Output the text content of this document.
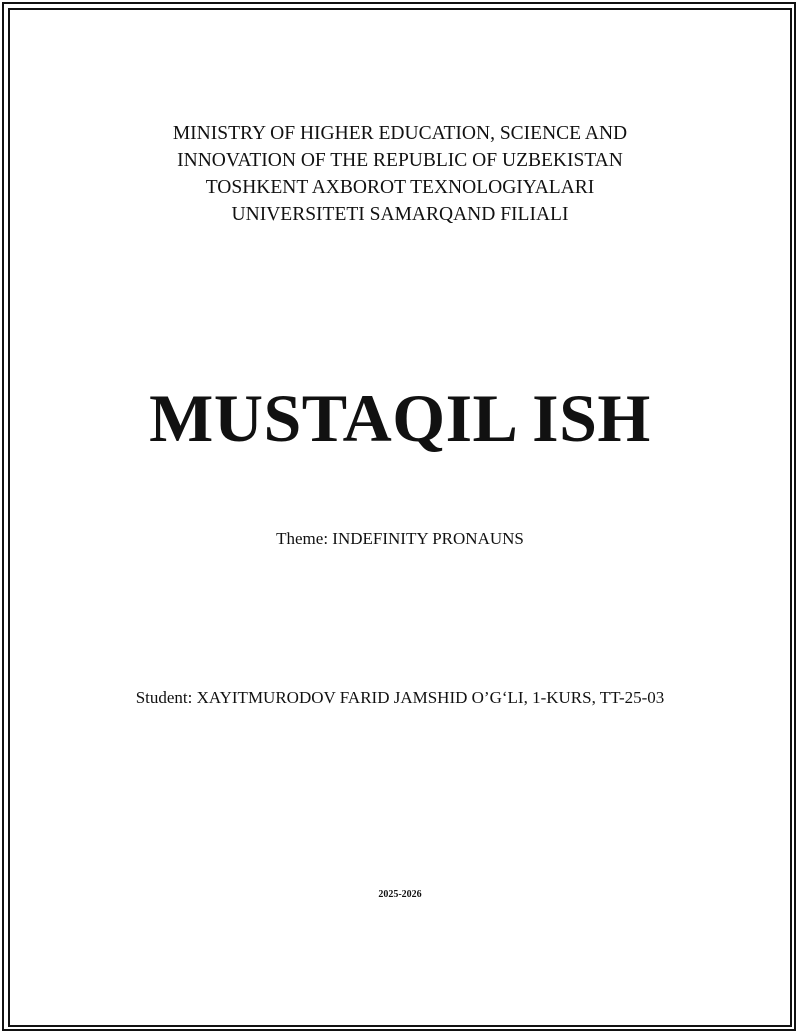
MINISTRY OF HIGHER EDUCATION, SCIENCE AND
INNOVATION OF THE REPUBLIC OF UZBEKISTAN
TOSHKENT AXBOROT TEXNOLOGIYALARI
UNIVERSITETI SAMARQAND FILIALI
MUSTAQIL ISH
Theme: INDEFINITY PRONAUNS
Student: XAYITMURODOV FARID JAMSHID O’G‘LI, 1-KURS, TT-25-03
2025-2026
